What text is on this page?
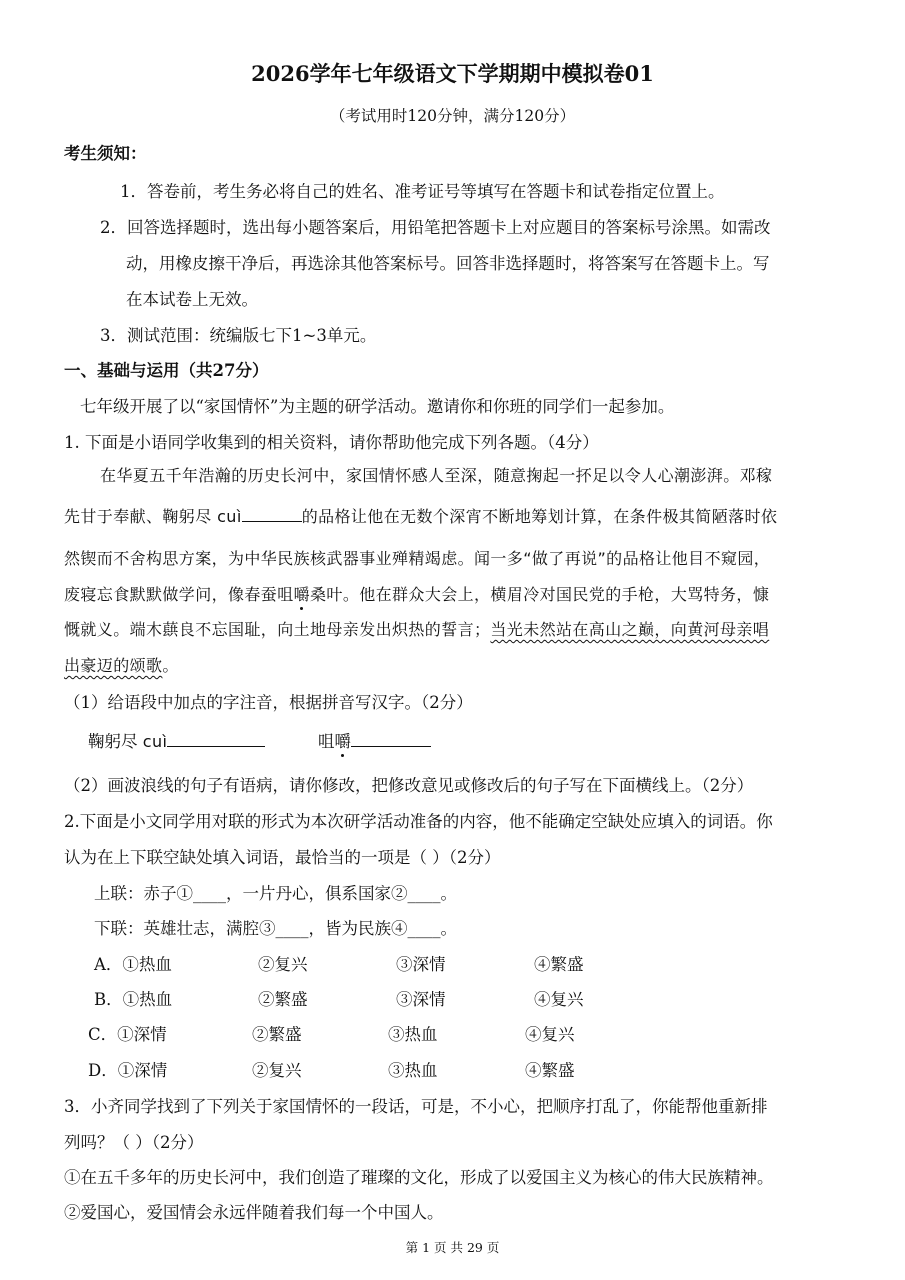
2026学年七年级语文下学期期中模拟卷01
（考试用时120分钟，满分120分）
考生须知：
1．答卷前，考生务必将自己的姓名、准考证号等填写在答题卡和试卷指定位置上。
2．回答选择题时，选出每小题答案后，用铅笔把答题卡上对应题目的答案标号涂黑。如需改
动，用橡皮擦干净后，再选涂其他答案标号。回答非选择题时，将答案写在答题卡上。写
在本试卷上无效。
3．测试范围：统编版七下1~3单元。
一、基础与运用（共27分）
七年级开展了以“家国情怀”为主题的研学活动。邀请你和你班的同学们一起参加。
1. 下面是小语同学收集到的相关资料，请你帮助他完成下列各题。（4分）
在华夏五千年浩瀚的历史长河中，家国情怀感人至深，随意掬起一抔足以令人心潮澎湃。邓稼
先甘于奉献、鞠躬尽 cuì	的品格让他在无数个深宵不断地筹划计算，在条件极其简陋落时依
然锲而不舍构思方案，为中华民族核武器事业殚精竭虑。闻一多“做了再说”的品格让他目不窥园，
废寝忘食默默做学问，像春蚕咀嚼桑叶。他在群众大会上，横眉冷对国民党的手枪，大骂特务，慷
慨就义。端木蕻良不忘国耻，向土地母亲发出炽热的誓言；当光未然站在高山之巅，向黄河母亲唱
出豪迈的颂歌。
（1）给语段中加点的字注音，根据拼音写汉字。（2分）
鞠躬尽 cuì	咀嚼
（2）画波浪线的句子有语病，请你修改，把修改意见或修改后的句子写在下面横线上。（2分）
2.下面是小文同学用对联的形式为本次研学活动准备的内容，他不能确定空缺处应填入的词语。你
认为在上下联空缺处填入词语，最恰当的一项是（ ）（2分）
上联：赤子①____，一片丹心，俱系国家②____。
下联：英雄壮志，满腔③____，皆为民族④____。
A．①热血	②复兴	③深情	④繁盛
B．①热血	②繁盛	③深情	④复兴
C．①深情	②繁盛	③热血	④复兴
D．①深情	②复兴	③热血	④繁盛
3．小齐同学找到了下列关于家国情怀的一段话，可是，不小心，把顺序打乱了，你能帮他重新排
列吗？（ ）（2分）
①在五千多年的历史长河中，我们创造了璀璨的文化，形成了以爱国主义为核心的伟大民族精神。
②爱国心，爱国情会永远伴随着我们每一个中国人。
第 1 页 共 29 页
